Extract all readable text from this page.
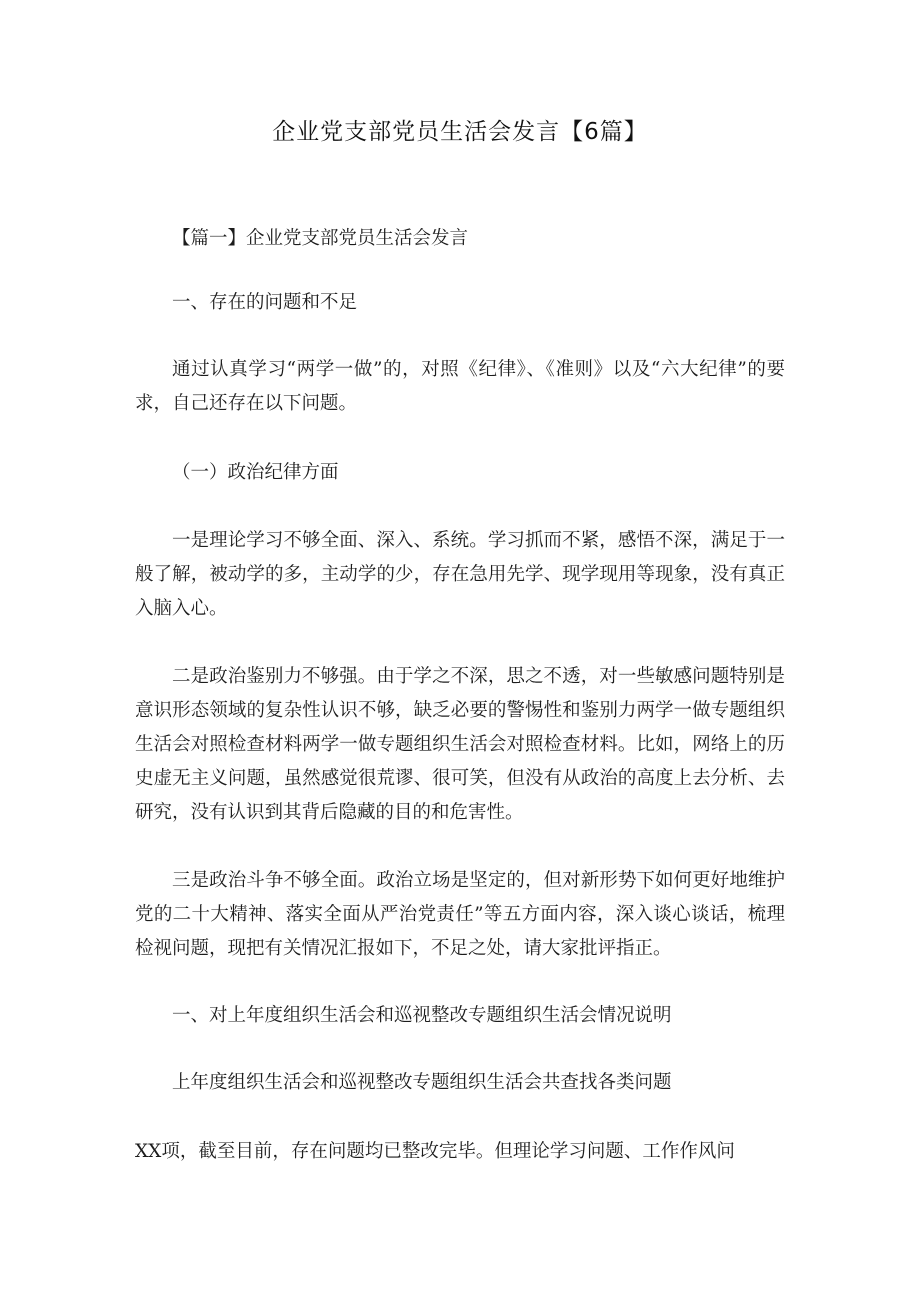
企业党支部党员生活会发言【6篇】

【篇一】企业党支部党员生活会发言

一、存在的问题和不足

通过认真学习“两学一做”的，对照《纪律》、《准则》以及“六大纪律”的要求，自己还存在以下问题。

（一）政治纪律方面

一是理论学习不够全面、深入、系统。学习抓而不紧，感悟不深，满足于一般了解，被动学的多，主动学的少，存在急用先学、现学现用等现象，没有真正入脑入心。

二是政治鉴别力不够强。由于学之不深，思之不透，对一些敏感问题特别是意识形态领域的复杂性认识不够，缺乏必要的警惕性和鉴别力两学一做专题组织生活会对照检查材料两学一做专题组织生活会对照检查材料。比如，网络上的历史虚无主义问题，虽然感觉很荒谬、很可笑，但没有从政治的高度上去分析、去研究，没有认识到其背后隐藏的目的和危害性。

三是政治斗争不够全面。政治立场是坚定的，但对新形势下如何更好地维护党的二十大精神、落实全面从严治党责任”等五方面内容，深入谈心谈话，梳理检视问题，现把有关情况汇报如下，不足之处，请大家批评指正。

一、对上年度组织生活会和巡视整改专题组织生活会情况说明

上年度组织生活会和巡视整改专题组织生活会共查找各类问题

XX项，截至目前，存在问题均已整改完毕。但理论学习问题、工作作风问
